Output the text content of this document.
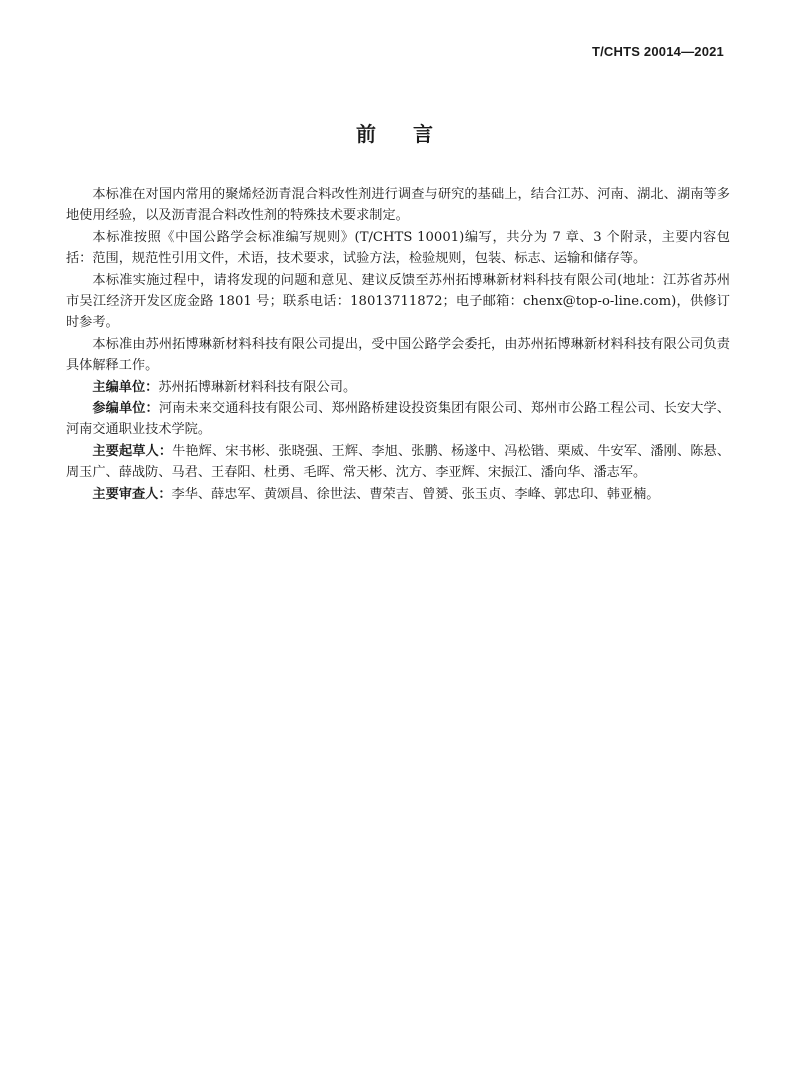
T/CHTS 20014—2021
前 言

本标准在对国内常用的聚烯烃沥青混合料改性剂进行调查与研究的基础上，结合江苏、河南、湖北、湖南等多地使用经验，以及沥青混合料改性剂的特殊技术要求制定。

本标准按照《中国公路学会标准编写规则》(T/CHTS 10001)编写，共分为 7 章、3 个附录，主要内容包括：范围，规范性引用文件，术语，技术要求，试验方法，检验规则，包装、标志、运输和储存等。

本标准实施过程中，请将发现的问题和意见、建议反馈至苏州拓博琳新材料科技有限公司(地址：江苏省苏州市吴江经济开发区庞金路 1801 号；联系电话：18013711872；电子邮箱：chenx@top-o-line.com)，供修订时参考。

本标准由苏州拓博琳新材料科技有限公司提出，受中国公路学会委托，由苏州拓博琳新材料科技有限公司负责具体解释工作。

主编单位：苏州拓博琳新材料科技有限公司。

参编单位：河南未来交通科技有限公司、郑州路桥建设投资集团有限公司、郑州市公路工程公司、长安大学、河南交通职业技术学院。

主要起草人：牛艳辉、宋书彬、张晓强、王辉、李旭、张鹏、杨遂中、冯松锴、栗威、牛安军、潘刚、陈悬、周玉广、薛战防、马君、王春阳、杜勇、毛晖、常天彬、沈方、李亚辉、宋振江、潘向华、潘志军。

主要审查人：李华、薛忠军、黄颂昌、徐世法、曹荣吉、曾赟、张玉贞、李峰、郭忠印、韩亚楠。
